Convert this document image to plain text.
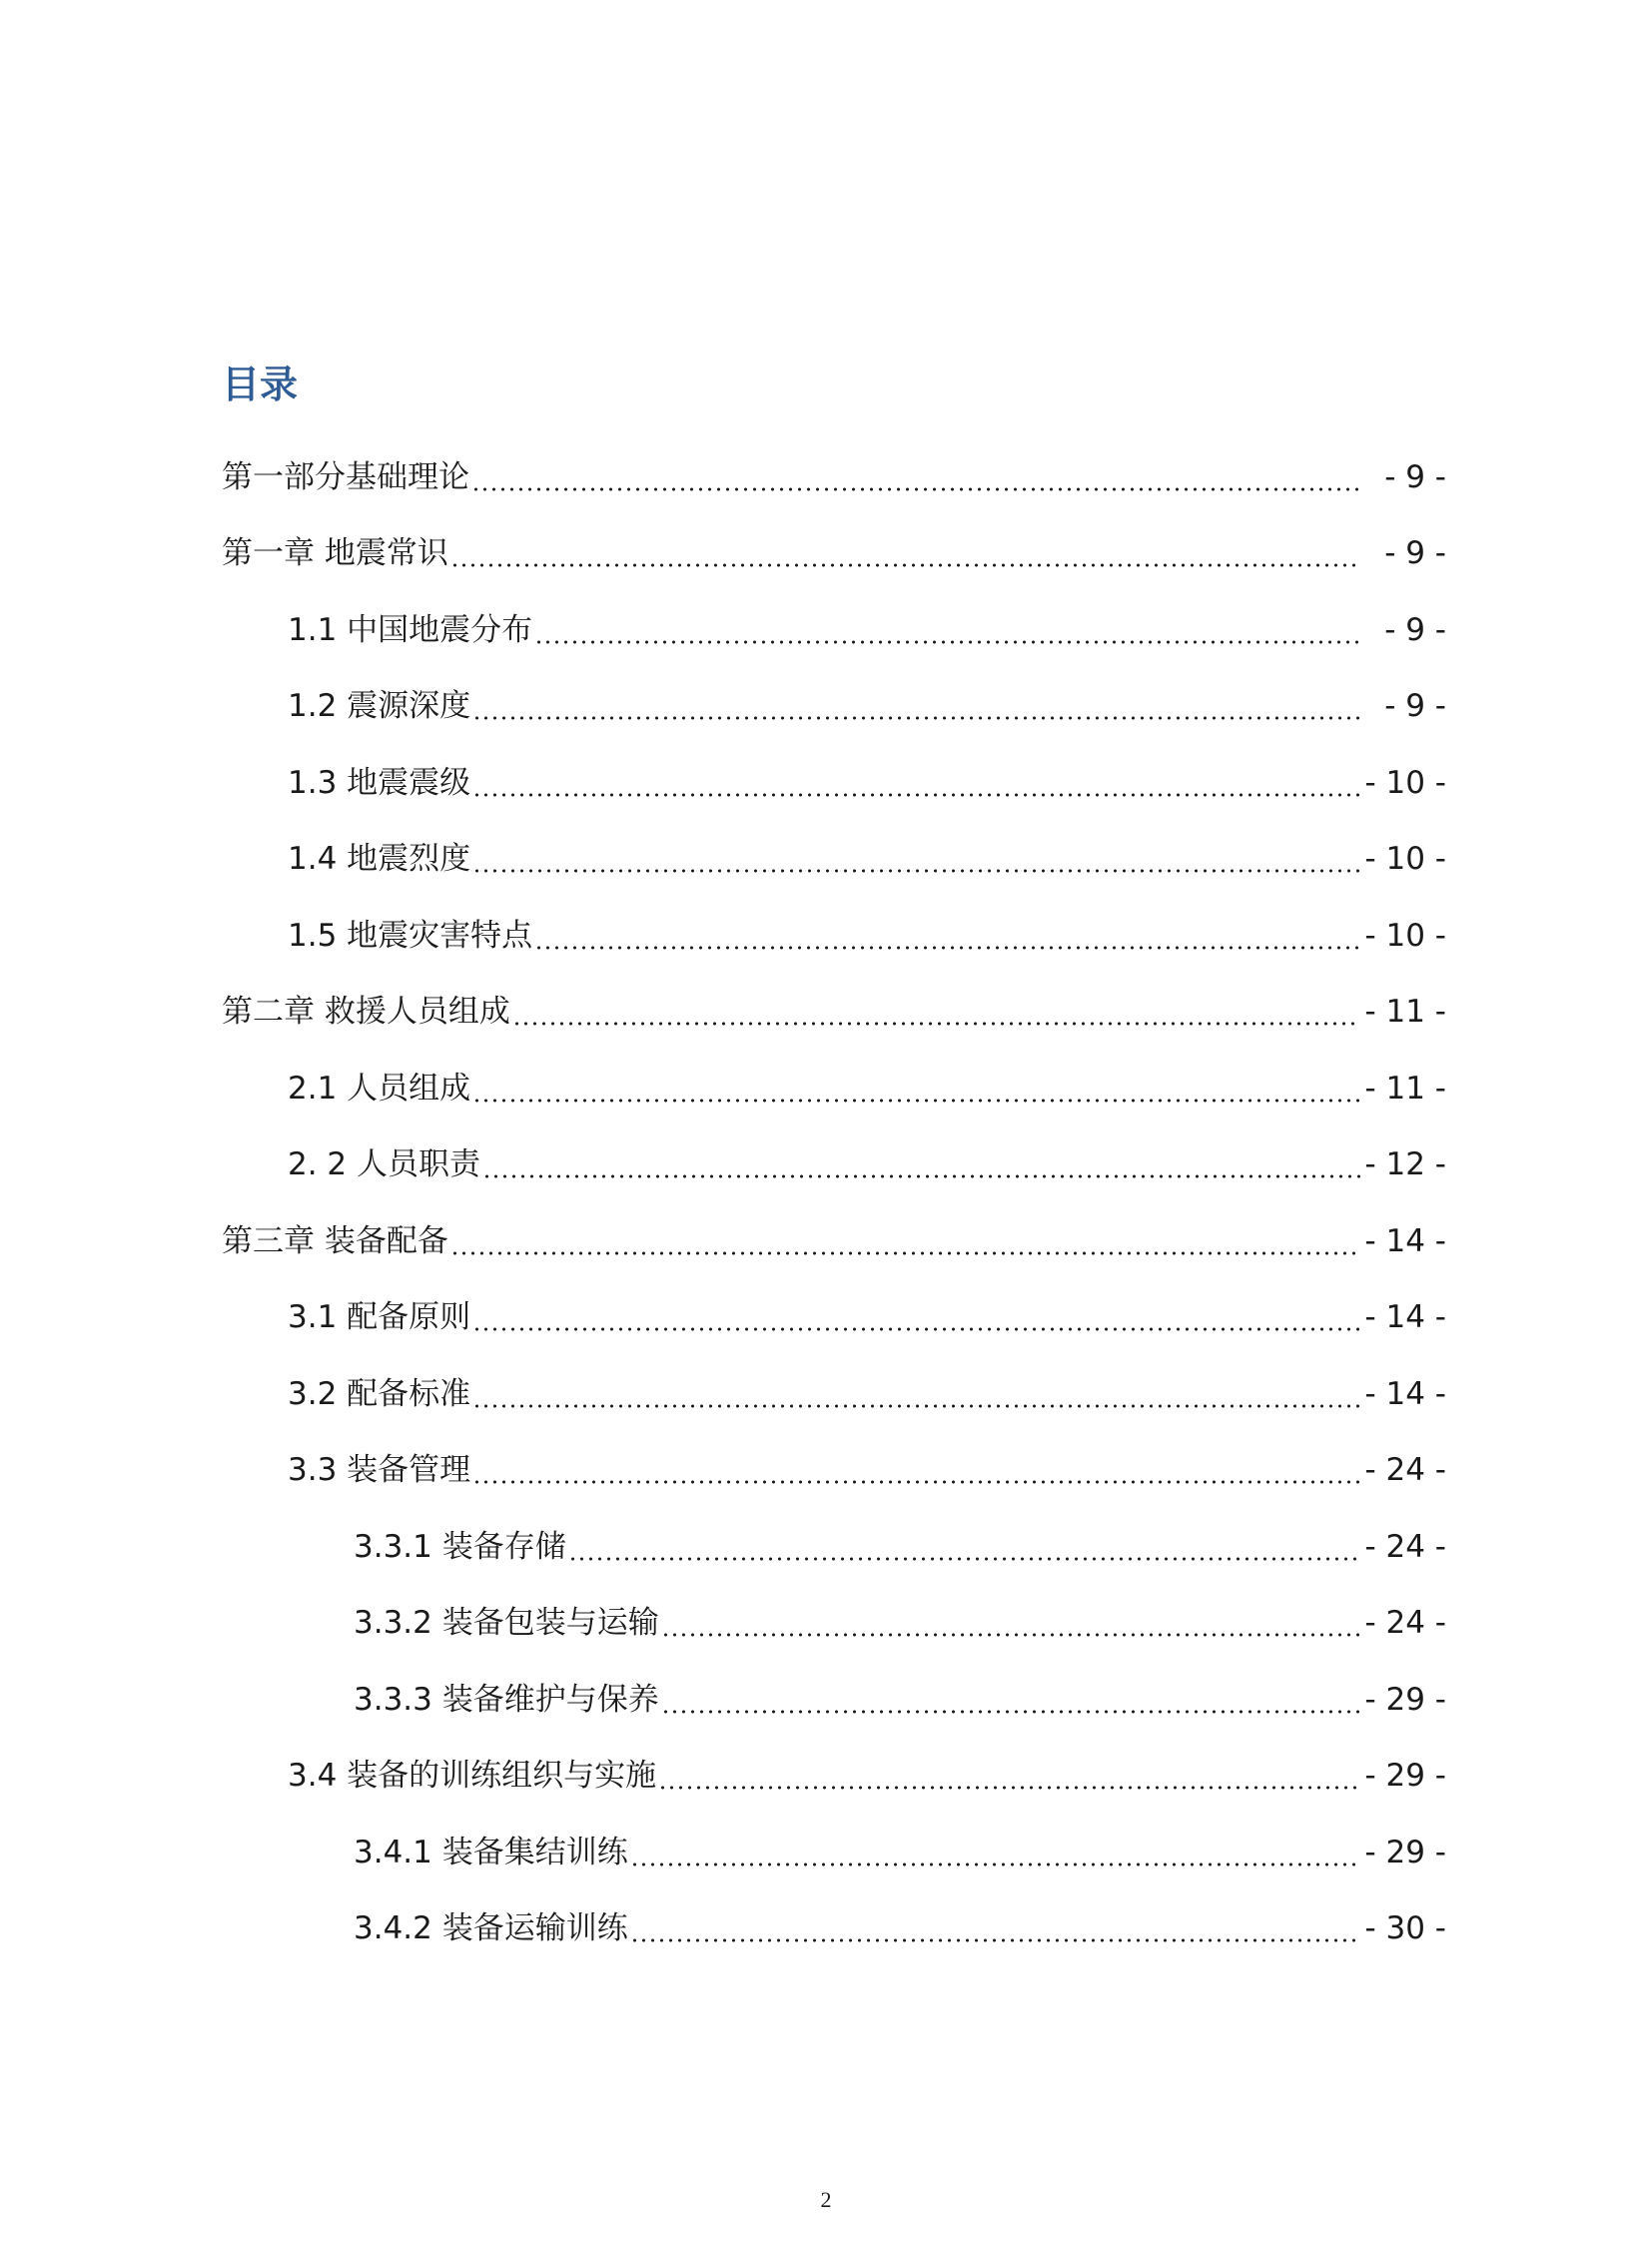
目录
第一部分基础理论	- 9 -
第一章 地震常识	- 9 -
1.1 中国地震分布	- 9 -
1.2 震源深度	- 9 -
1.3 地震震级	- 10 -
1.4 地震烈度	- 10 -
1.5 地震灾害特点	- 10 -
第二章 救援人员组成	- 11 -
2.1 人员组成	- 11 -
2. 2 人员职责	- 12 -
第三章 装备配备	- 14 -
3.1 配备原则	- 14 -
3.2 配备标准	- 14 -
3.3 装备管理	- 24 -
3.3.1 装备存储	- 24 -
3.3.2 装备包装与运输	- 24 -
3.3.3 装备维护与保养	- 29 -
3.4 装备的训练组织与实施	- 29 -
3.4.1 装备集结训练	- 29 -
3.4.2 装备运输训练	- 30 -
2
